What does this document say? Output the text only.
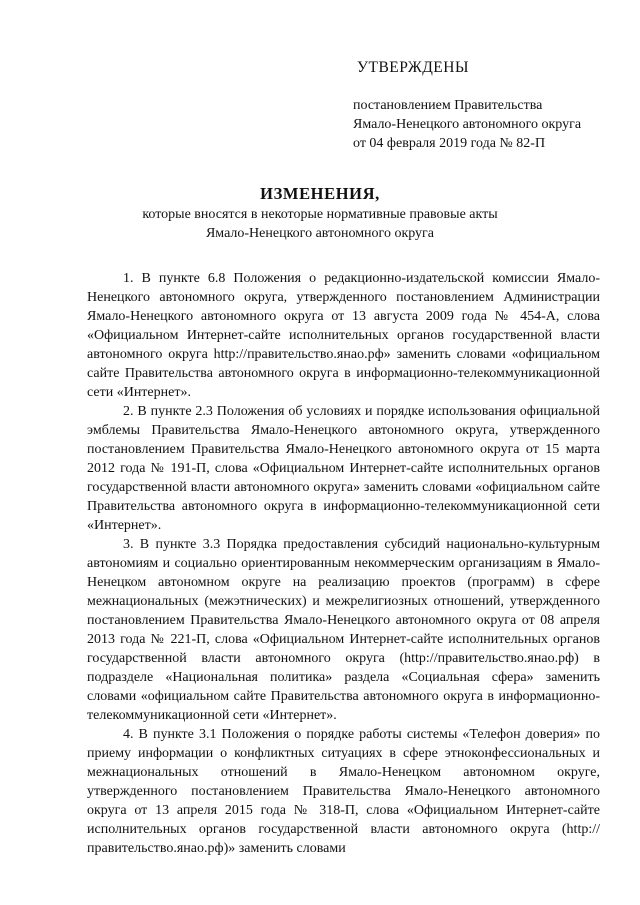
УТВЕРЖДЕНЫ

постановлением Правительства

Ямало-Ненецкого автономного округа

от 04 февраля 2019 года № 82-П

ИЗМЕНЕНИЯ,

которые вносятся в некоторые нормативные правовые акты

Ямало-Ненецкого автономного округа

1. В пункте 6.8 Положения о редакционно-издательской комиссии Ямало-Ненецкого автономного округа, утвержденного постановлением Администрации Ямало-Ненецкого автономного округа от 13 августа 2009 года № 454-А, слова «Официальном Интернет-сайте исполнительных органов государственной власти автономного округа http://правительство.янао.рф» заменить словами «официальном сайте Правительства автономного округа в информационно-телекоммуникационной сети «Интернет».

2. В пункте 2.3 Положения об условиях и порядке использования официальной эмблемы Правительства Ямало-Ненецкого автономного округа, утвержденного постановлением Правительства Ямало-Ненецкого автономного округа от 15 марта 2012 года № 191-П, слова «Официальном Интернет-сайте исполнительных органов государственной власти автономного округа» заменить словами «официальном сайте Правительства автономного округа в информационно-телекоммуникационной сети «Интернет».

3. В пункте 3.3 Порядка предоставления субсидий национально-культурным автономиям и социально ориентированным некоммерческим организациям в Ямало-Ненецком автономном округе на реализацию проектов (программ) в сфере межнациональных (межэтнических) и межрелигиозных отношений, утвержденного постановлением Правительства Ямало-Ненецкого автономного округа от 08 апреля 2013 года № 221-П, слова «Официальном Интернет-сайте исполнительных органов государственной власти автономного округа (http://правительство.янао.рф) в подразделе «Национальная политика» раздела «Социальная сфера» заменить словами «официальном сайте Правительства автономного округа в информационно-телекоммуникационной сети «Интернет».

4. В пункте 3.1 Положения о порядке работы системы «Телефон доверия» по приему информации о конфликтных ситуациях в сфере этноконфессиональных и межнациональных отношений в Ямало-Ненецком автономном округе, утвержденного постановлением Правительства Ямало-Ненецкого автономного округа от 13 апреля 2015 года № 318-П, слова «Официальном Интернет-сайте исполнительных органов государственной власти автономного округа (http://правительство.янао.рф)» заменить словами
